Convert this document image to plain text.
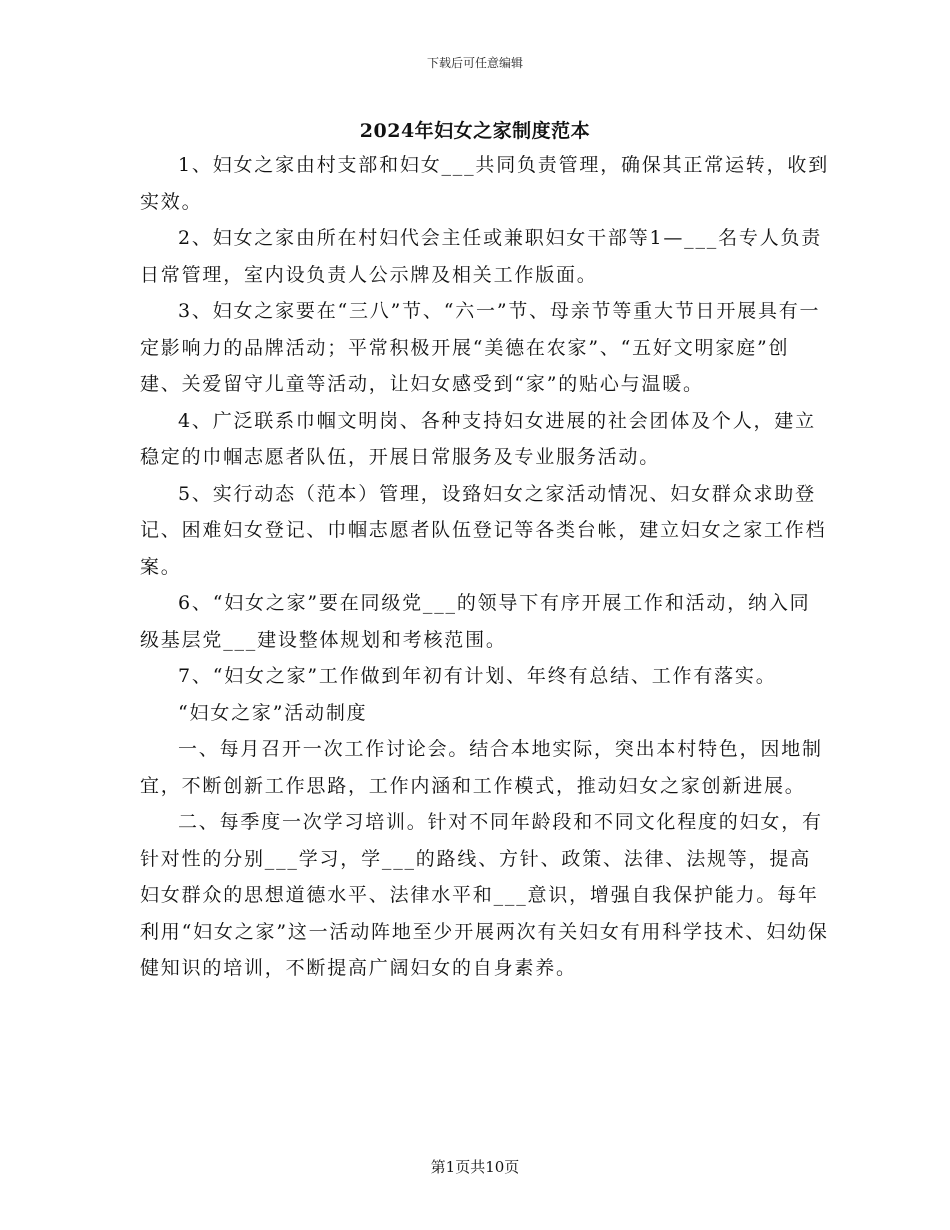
下载后可任意编辑
2024年妇女之家制度范本

1、妇女之家由村支部和妇女___共同负责管理，确保其正常运转，收到实效。

2、妇女之家由所在村妇代会主任或兼职妇女干部等1—___名专人负责日常管理，室内设负责人公示牌及相关工作版面。

3、妇女之家要在“三八”节、“六一”节、母亲节等重大节日开展具有一定影响力的品牌活动；平常积极开展“美德在农家”、“五好文明家庭”创建、关爱留守儿童等活动，让妇女感受到“家”的贴心与温暖。

4、广泛联系巾帼文明岗、各种支持妇女进展的社会团体及个人，建立稳定的巾帼志愿者队伍，开展日常服务及专业服务活动。

5、实行动态（范本）管理，设臵妇女之家活动情况、妇女群众求助登记、困难妇女登记、巾帼志愿者队伍登记等各类台帐，建立妇女之家工作档案。

6、“妇女之家”要在同级党___的领导下有序开展工作和活动，纳入同级基层党___建设整体规划和考核范围。

7、“妇女之家”工作做到年初有计划、年终有总结、工作有落实。

“妇女之家”活动制度

一、每月召开一次工作讨论会。结合本地实际，突出本村特色，因地制宜，不断创新工作思路，工作内涵和工作模式，推动妇女之家创新进展。

二、每季度一次学习培训。针对不同年龄段和不同文化程度的妇女，有针对性的分别___学习，学___的路线、方针、政策、法律、法规等，提高妇女群众的思想道德水平、法律水平和___意识，增强自我保护能力。每年利用“妇女之家”这一活动阵地至少开展两次有关妇女有用科学技术、妇幼保健知识的培训，不断提高广阔妇女的自身素养。

第1页共10页
